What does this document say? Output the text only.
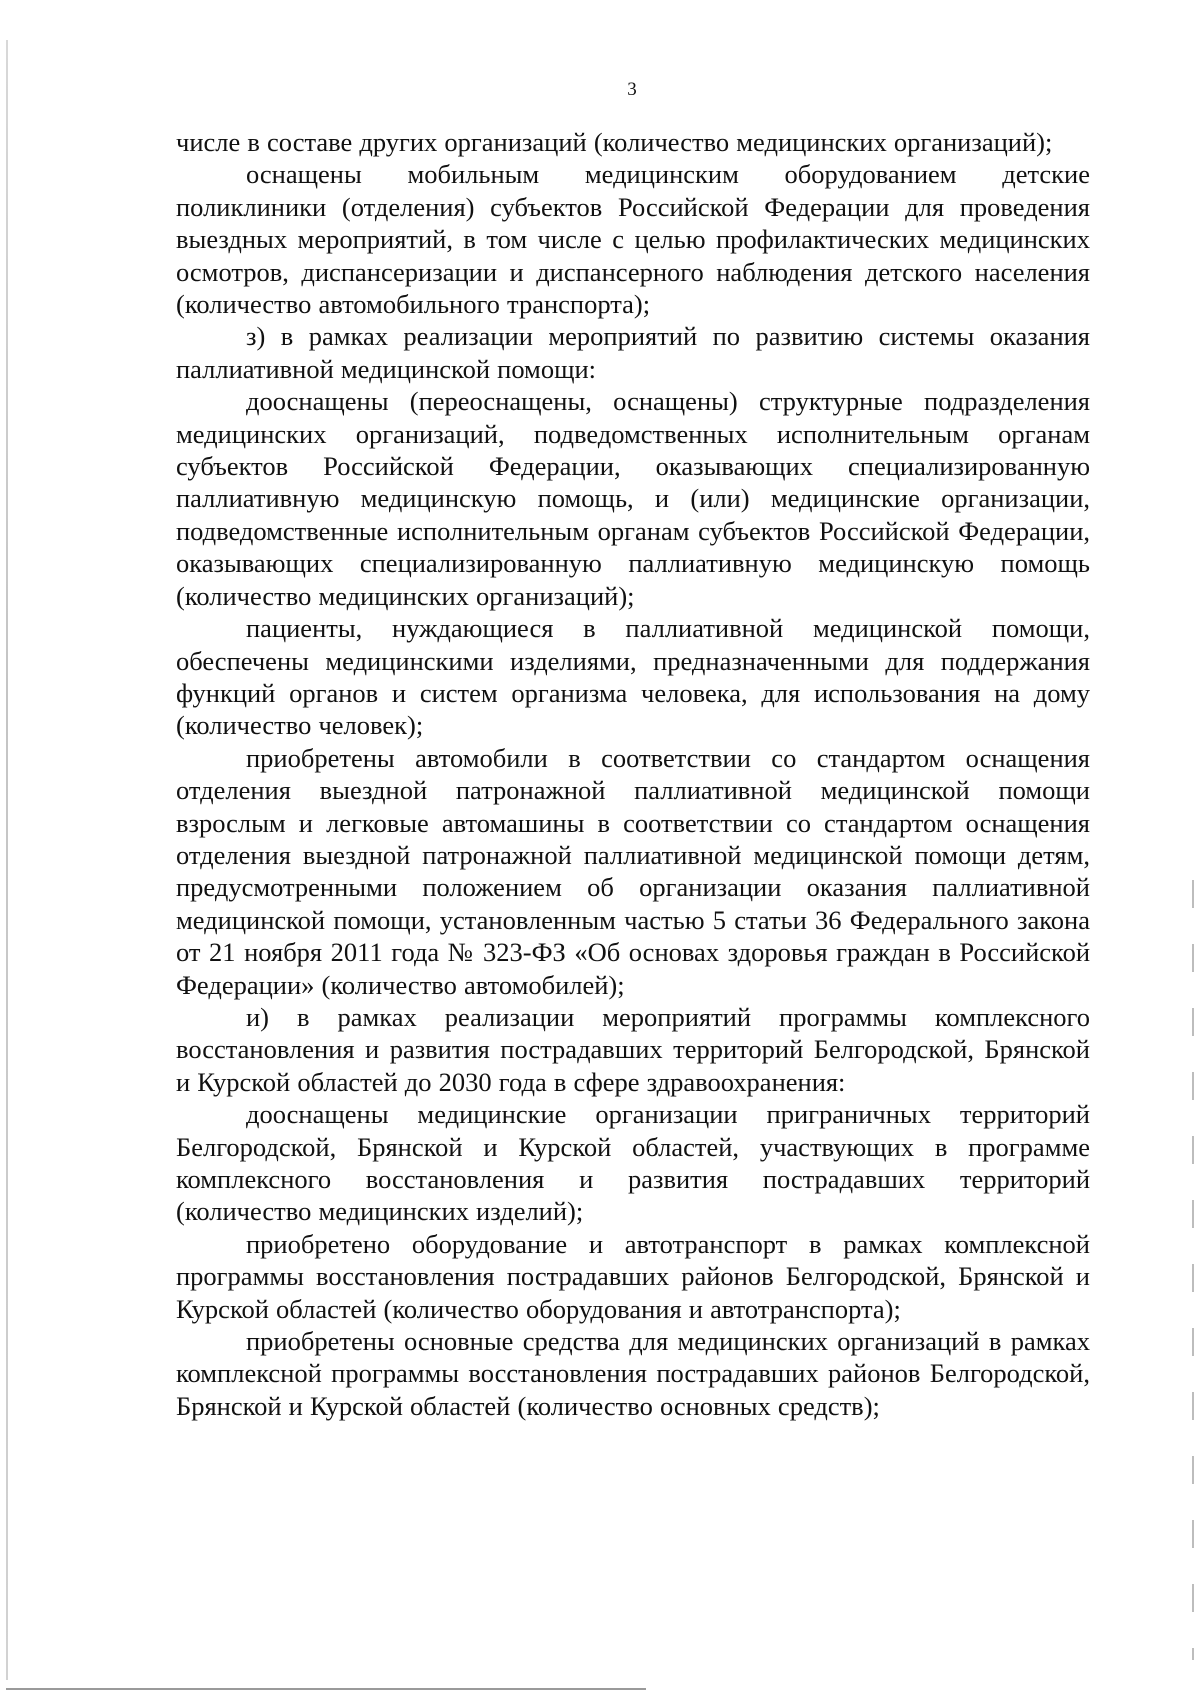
3

числе в составе других организаций (количество медицинских организаций);

оснащены мобильным медицинским оборудованием детские поликлиники (отделения) субъектов Российской Федерации для проведения выездных мероприятий, в том числе с целью профилактических медицинских осмотров, диспансеризации и диспансерного наблюдения детского населения (количество автомобильного транспорта);

з) в рамках реализации мероприятий по развитию системы оказания паллиативной медицинской помощи:

дооснащены (переоснащены, оснащены) структурные подразделения медицинских организаций, подведомственных исполнительным органам субъектов Российской Федерации, оказывающих специализированную паллиативную медицинскую помощь, и (или) медицинские организации, подведомственные исполнительным органам субъектов Российской Федерации, оказывающих специализированную паллиативную медицинскую помощь (количество медицинских организаций);

пациенты, нуждающиеся в паллиативной медицинской помощи, обеспечены медицинскими изделиями, предназначенными для поддержания функций органов и систем организма человека, для использования на дому (количество человек);

приобретены автомобили в соответствии со стандартом оснащения отделения выездной патронажной паллиативной медицинской помощи взрослым и легковые автомашины в соответствии со стандартом оснащения отделения выездной патронажной паллиативной медицинской помощи детям, предусмотренными положением об организации оказания паллиативной медицинской помощи, установленным частью 5 статьи 36 Федерального закона от 21 ноября 2011 года № 323-ФЗ «Об основах здоровья граждан в Российской Федерации» (количество автомобилей);

и) в рамках реализации мероприятий программы комплексного восстановления и развития пострадавших территорий Белгородской, Брянской и Курской областей до 2030 года в сфере здравоохранения:

дооснащены медицинские организации приграничных территорий Белгородской, Брянской и Курской областей, участвующих в программе комплексного восстановления и развития пострадавших территорий (количество медицинских изделий);

приобретено оборудование и автотранспорт в рамках комплексной программы восстановления пострадавших районов Белгородской, Брянской и Курской областей (количество оборудования и автотранспорта);

приобретены основные средства для медицинских организаций в рамках комплексной программы восстановления пострадавших районов Белгородской, Брянской и Курской областей (количество основных средств);
